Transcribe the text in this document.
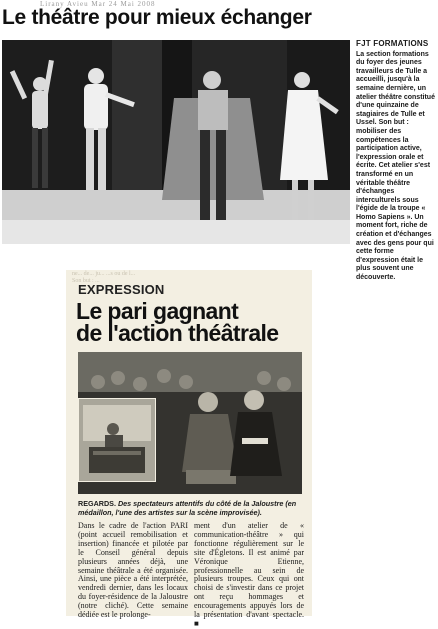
Lirany Avieu Mar 24 Mai 2008
Le théâtre pour mieux échanger
FJT FORMATIONS
La section formations du foyer des jeunes travailleurs de Tulle a accueilli, jusqu'à la semaine dernière, un atelier théâtre constitué d'une quinzaine de stagiaires de Tulle et Ussel. Son but : mobiliser des compétences la participation active, l'expression orale et écrite. Cet atelier s'est transformé en un véritable théâtre d'échanges interculturels sous l'égide de la troupe « Homo Sapiens ». Un moment fort, riche de création et d'échanges avec des gens pour qui cette forme d'expression était le plus souvent une découverte.
ne... de... ju... ...s ou de l...
Son but : ...
EXPRESSION
Le pari gagnant
de l'action théâtrale
REGARDS. Des spectateurs attentifs du côté de la Jaloustre (en médaillon, l'une des artistes sur la scène improvisée).
Dans le cadre de l'action PARI (point accueil remobilisation et insertion) financée et pilotée par le Conseil général depuis plusieurs années déjà, une semaine théâtrale a été organisée. Ainsi, une pièce a été interprétée, vendredi dernier, dans les locaux du foyer-résidence de la Jaloustre (notre cliché). Cette semaine dédiée est le prolonge-
ment d'un atelier de « communication-théâtre » qui fonctionne régulièrement sur le site d'Égletons. Il est animé par Véronique Etienne, professionnelle au sein de plusieurs troupes. Ceux qui ont choisi de s'investir dans ce projet ont reçu hommages et encouragements appuyés lors de la présentation d'avant spectacle. ■
